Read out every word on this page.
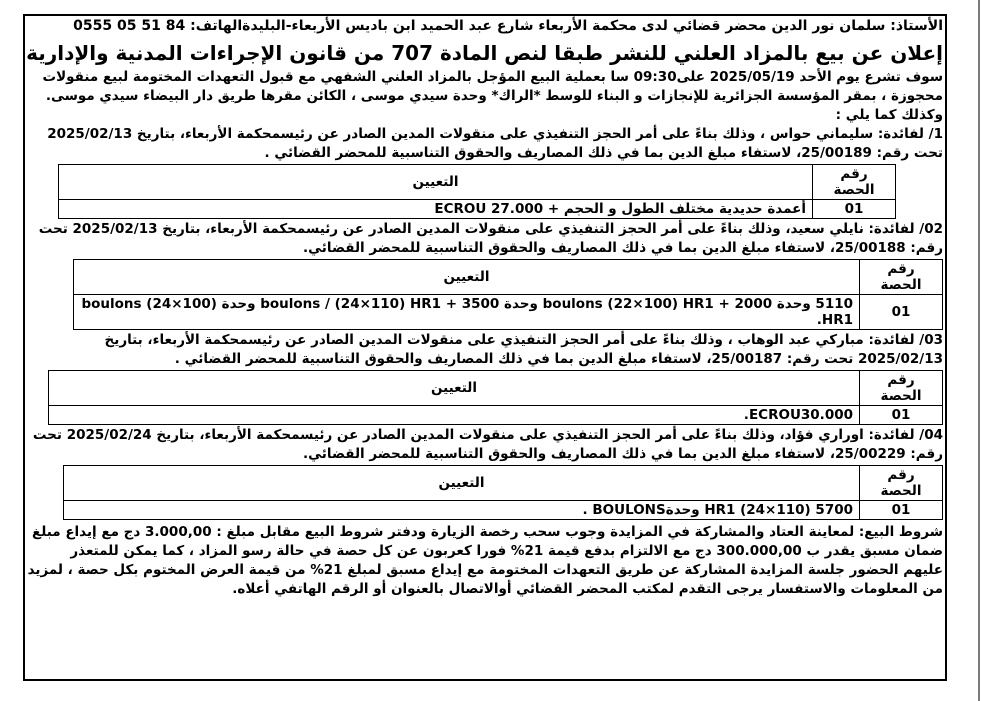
الأستاذ: سلمان نور الدين محضر قضائي لدى محكمة الأربعاء شارع عبد الحميد ابن باديس الأربعاء-البليدةالهاتف: 84 51 05 0555
إعلان عن بيع بالمزاد العلني للنشر طبقا لنص المادة 707 من قانون الإجراءات المدنية والإدارية

سوف تشرع يوم الأحد 2025/05/19 على09:30 سا بعملية البيع المؤجل بالمزاد العلني الشفهي مع قبول التعهدات المختومة لبيع منقولات محجوزة ، بمقر المؤسسة الجزائرية للإنجازات و البناء للوسط *الراك* وحدة سيدي موسى ، الكائن مقرها طريق دار البيضاء سيدي موسى. وكذلك كما يلي :

1/ لفائدة: سليماني حواس ، وذلك بناءً على أمر الحجز التنفيذي على منقولات المدين الصادر عن رئيسمحكمة الأربعاء، بتاريخ 2025/02/13 تحت رقم: 25/00189، لاستفاء مبلغ الدين بما في ذلك المصاريف والحقوق التناسبية للمحضر القضائي .

رقم الحصة	التعيين
01	أعمدة حديدية مختلف الطول و الحجم + ECROU 27.000

02/ لفائدة: نايلي سعيد، وذلك بناءً على أمر الحجز التنفيذي على منقولات المدين الصادر عن رئيسمحكمة الأربعاء، بتاريخ 2025/02/13 تحت رقم: 25/00188، لاستفاء مبلغ الدين بما في ذلك المصاريف والحقوق التناسبية للمحضر القضائي.

رقم الحصة	التعيين
01	5110 وحدة boulons (22×100) HR1 + 2000 وحدة boulons / (24×110) HR1 + 3500 وحدة boulons (24×100) HR1.

03/ لفائدة: مباركي عبد الوهاب ، وذلك بناءً على أمر الحجز التنفيذي على منقولات المدين الصادر عن رئيسمحكمة الأربعاء، بتاريخ 2025/02/13 تحت رقم: 25/00187، لاستفاء مبلغ الدين بما في ذلك المصاريف والحقوق التناسبية للمحضر القضائي .

رقم الحصة	التعيين
01	ECROU30.000.

04/ لفائدة: اوراري فؤاد، وذلك بناءً على أمر الحجز التنفيذي على منقولات المدين الصادر عن رئيسمحكمة الأربعاء، بتاريخ 2025/02/24 تحت رقم: 25/00229، لاستفاء مبلغ الدين بما في ذلك المصاريف والحقوق التناسبية للمحضر القضائي.

رقم الحصة	التعيين
01	5700 HR1 (24×110) وحدةBOULONS .

شروط البيع: لمعاينة العتاد والمشاركة في المزايدة وجوب سحب رخصة الزيارة ودفتر شروط البيع مقابل مبلغ : 3.000,00 دج مع إيداع مبلغ ضمان مسبق يقدر ب 300.000,00 دج مع الالتزام بدفع قيمة 21% فورا كعربون عن كل حصة في حالة رسو المزاد ، كما يمكن للمتعذر عليهم الحضور جلسة المزايدة المشاركة عن طريق التعهدات المختومة مع إيداع مسبق لمبلغ 21% من قيمة العرض المختوم بكل حصة ، لمزيد من المعلومات والاستفسار يرجى التقدم لمكتب المحضر القضائي أوالاتصال بالعنوان أو الرقم الهاتفي أعلاه.
